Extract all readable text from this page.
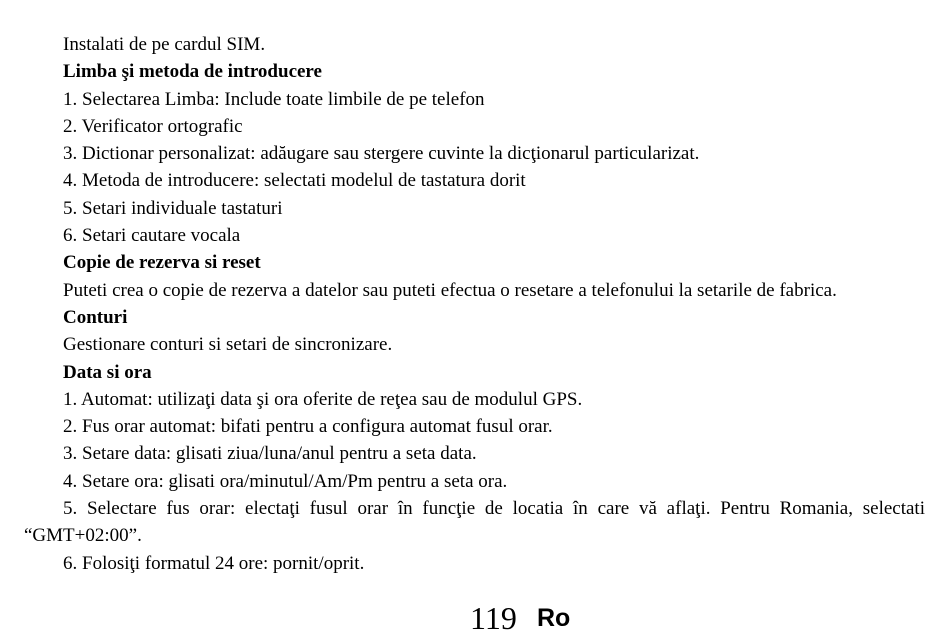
Instalati de pe cardul SIM.
Limba şi metoda de introducere
1. Selectarea Limba: Include toate limbile de pe telefon
2. Verificator ortografic
3. Dictionar personalizat: adăugare sau stergere cuvinte la dicţionarul particularizat.
4. Metoda de introducere: selectati modelul de tastatura dorit
5. Setari individuale tastaturi
6. Setari cautare vocala
Copie de rezerva si reset
Puteti crea o copie de rezerva a datelor sau puteti efectua o resetare a telefonului la setarile de fabrica.
Conturi
Gestionare conturi si setari de sincronizare.
Data si ora
1. Automat: utilizaţi data şi ora oferite de reţea sau de modulul GPS.
2. Fus orar automat: bifati pentru a configura automat fusul orar.
3. Setare data: glisati ziua/luna/anul pentru a seta data.
4. Setare ora: glisati ora/minutul/Am/Pm pentru a seta ora.
5. Selectare fus orar: electaţi fusul orar în funcţie de locatia în care vă aflaţi. Pentru Romania, selectati
“GMT+02:00”.
6. Folosiţi formatul 24 ore: pornit/oprit.
119 Ro
